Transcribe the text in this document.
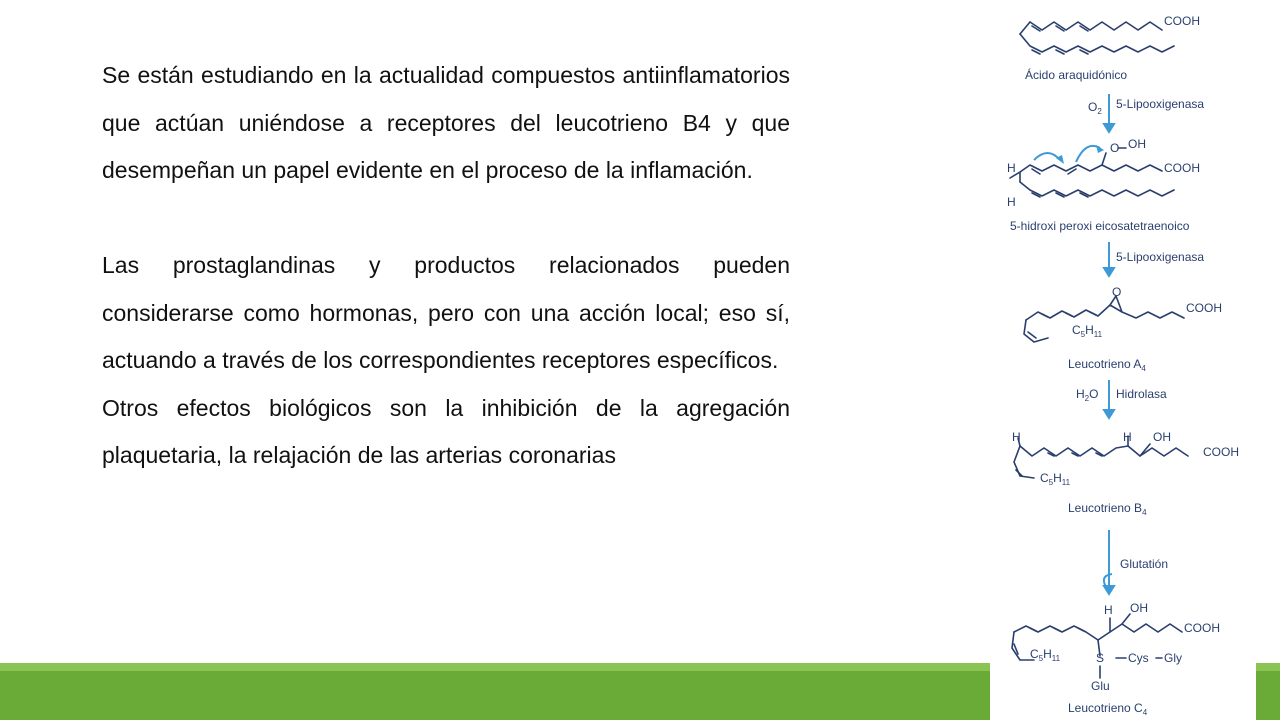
Se están estudiando en la actualidad compuestos antiinflamatorios que actúan uniéndose a receptores del leucotrieno B4 y que desempeñan un papel evidente en el proceso de la inflamación.

Las prostaglandinas y productos relacionados pueden considerarse como hormonas, pero con una acción local; eso sí, actuando a través de los correspondientes receptores específicos.

Otros efectos biológicos son la inhibición de la agregación plaquetaria, la relajación de las arterias coronarias

COOH
Ácido araquidónico
$O_2$
5-Lipooxigenasa
O OH
H
H
COOH
5-hidroxi peroxi eicosatetraenoico
5-Lipooxigenasa
O
COOH
$C_5H_{11}$
Leucotrieno $A_4$
$H_2O$ Hidrolasa
H	H OH
COOH
$C_5H_{11}$
Leucotrieno $B_4$
Glutatión
H OH
COOH
$C_5H_{11}$	S Cys Gly
Glu
Leucotrieno $C_4$
